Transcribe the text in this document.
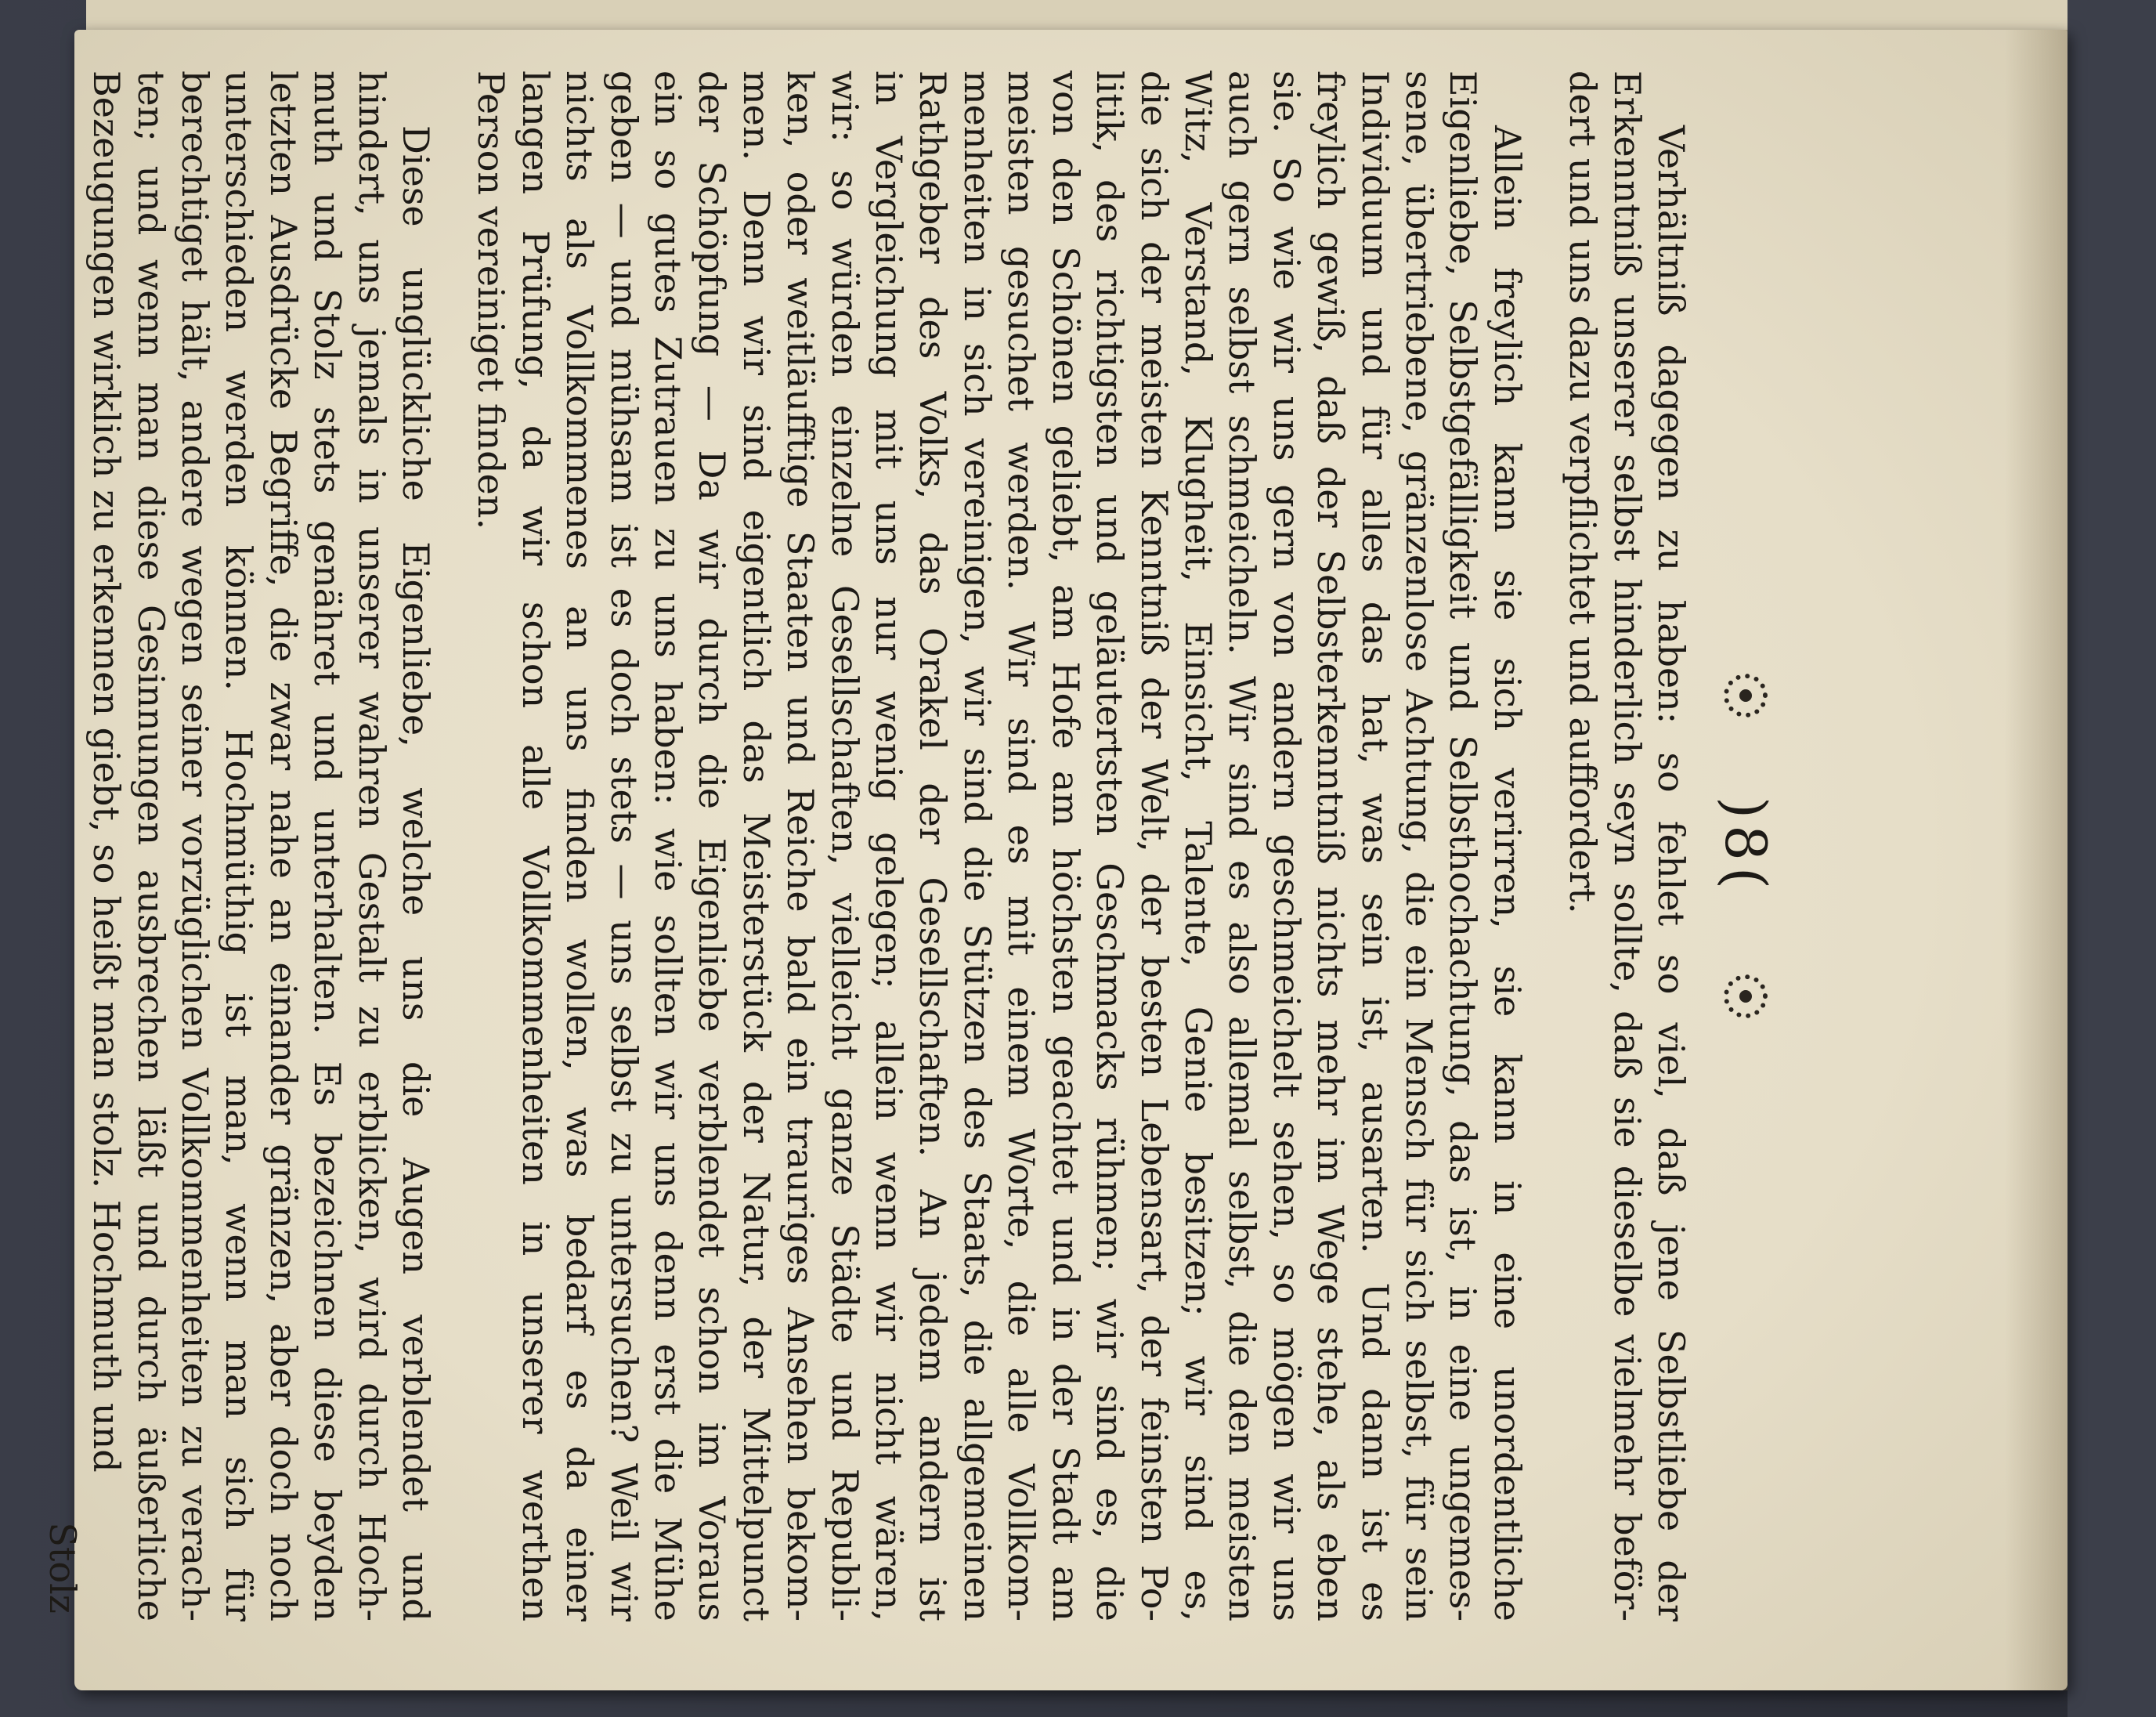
)8(
Verhältniß dagegen zu haben: so fehlet so viel, daß jene Selbstliebe der
Erkenntniß unserer selbst hinderlich seyn sollte, daß sie dieselbe vielmehr beför-
dert und uns dazu verpflichtet und auffordert.
Allein freylich kann sie sich verirren, sie kann in eine unordentliche
Eigenliebe, Selbstgefälligkeit und Selbsthochachtung, das ist, in eine ungemes-
sene, übertriebene, gränzenlose Achtung, die ein Mensch für sich selbst, für sein
Individuum und für alles das hat, was sein ist, ausarten. Und dann ist es
freylich gewiß, daß der Selbsterkenntniß nichts mehr im Wege stehe, als eben
sie. So wie wir uns gern von andern geschmeichelt sehen, so mögen wir uns
auch gern selbst schmeicheln. Wir sind es also allemal selbst, die den meisten
Witz, Verstand, Klugheit, Einsicht, Talente, Genie besitzen; wir sind es,
die sich der meisten Kenntniß der Welt, der besten Lebensart, der feinsten Po-
litik, des richtigsten und geläutertsten Geschmacks rühmen; wir sind es, die
von den Schönen geliebt, am Hofe am höchsten geachtet und in der Stadt am
meisten gesuchet werden. Wir sind es mit einem Worte, die alle Vollkom-
menheiten in sich vereinigen, wir sind die Stützen des Staats, die allgemeinen
Rathgeber des Volks, das Orakel der Gesellschaften. An jedem andern ist
in Vergleichung mit uns nur wenig gelegen; allein wenn wir nicht wären,
wir: so würden einzelne Gesellschaften, vielleicht ganze Städte und Republi-
ken, oder weitläufftige Staaten und Reiche bald ein trauriges Ansehen bekom-
men. Denn wir sind eigentlich das Meisterstück der Natur, der Mittelpunct
der Schöpfung — Da wir durch die Eigenliebe verblendet schon im Voraus
ein so gutes Zutrauen zu uns haben: wie sollten wir uns denn erst die Mühe
geben — und mühsam ist es doch stets — uns selbst zu untersuchen? Weil wir
nichts als Vollkommenes an uns finden wollen, was bedarf es da einer
langen Prüfung, da wir schon alle Vollkommenheiten in unserer werthen
Person vereiniget finden.
Diese unglückliche Eigenliebe, welche uns die Augen verblendet und
hindert, uns jemals in unserer wahren Gestalt zu erblicken, wird durch Hoch-
muth und Stolz stets genähret und unterhalten. Es bezeichnen diese beyden
letzten Ausdrücke Begriffe, die zwar nahe an einander gränzen, aber doch noch
unterschieden werden können. Hochmüthig ist man, wenn man sich für
berechtiget hält, andere wegen seiner vorzüglichen Vollkommenheiten zu verach-
ten; und wenn man diese Gesinnungen ausbrechen läßt und durch äußerliche
Bezeugungen wirklich zu erkennen giebt, so heißt man stolz. Hochmuth und
Stolz
